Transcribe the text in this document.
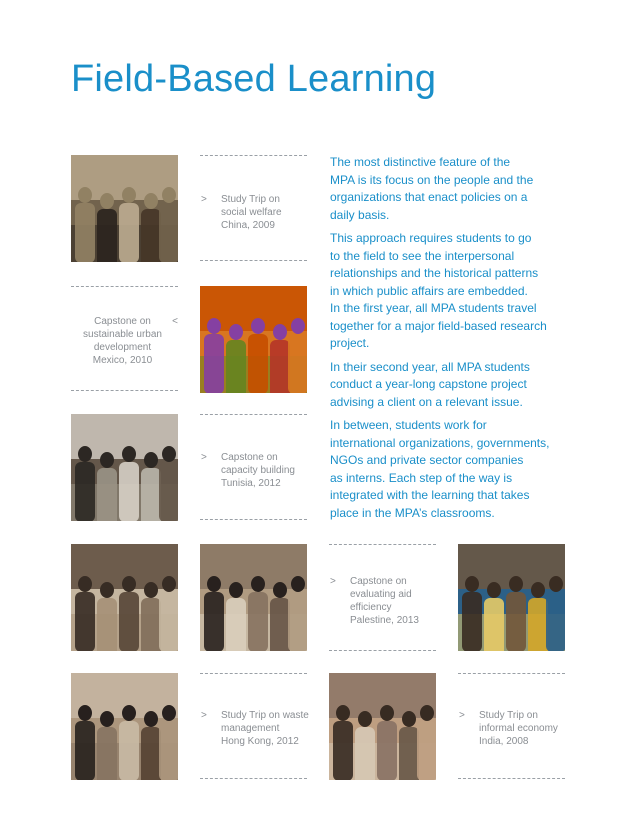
Field-Based Learning
> Study Trip on
social welfare
China, 2009
<
Capstone on
sustainable urban
development
Mexico, 2010
> Capstone on
capacity building
Tunisia, 2012
> Capstone on
evaluating aid
efficiency
Palestine, 2013
> Study Trip on waste
management
Hong Kong, 2012
> Study Trip on
informal economy
India, 2008

The most distinctive feature of the
MPA is its focus on the people and the
organizations that enact policies on a
daily basis.

This approach requires students to go
to the field to see the interpersonal
relationships and the historical patterns
in which public affairs are embedded.
In the first year, all MPA students travel
together for a major field-based research
project.

In their second year, all MPA students
conduct a year-long capstone project
advising a client on a relevant issue.

In between, students work for
international organizations, governments,
NGOs and private sector companies
as interns. Each step of the way is
integrated with the learning that takes
place in the MPA’s classrooms.
